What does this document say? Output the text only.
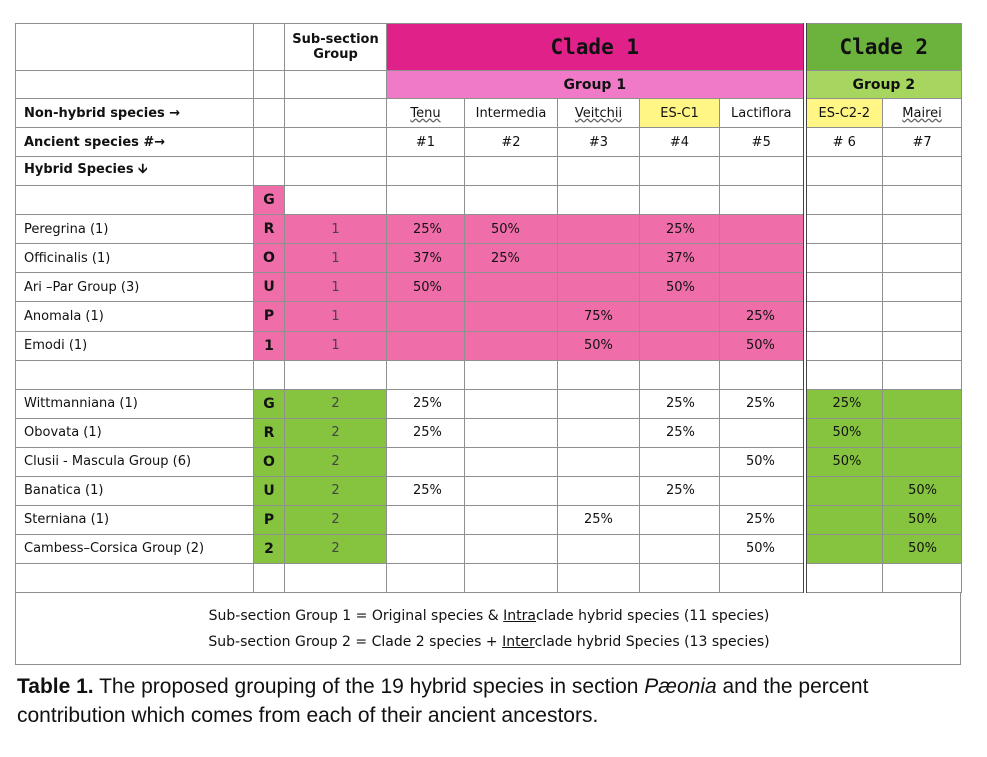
		Sub-section Group	Clade 1					Clade 2	
			Group 1					Group 2	
Non-hybrid species →			Tenu	Intermedia	Veitchii	ES-C1	Lactiflora	ES-C2-2	Mairei
Ancient species #→			#1	#2	#3	#4	#5	# 6	#7
Hybrid Species 🡫									
	G								
Peregrina (1)	R	1	25%	50%		25%			
Officinalis (1)	O	1	37%	25%		37%			
Ari –Par Group (3)	U	1	50%			50%			
Anomala (1)	P	1			75%		25%		
Emodi (1)	1	1			50%		50%		

Wittmanniana (1)	G	2	25%			25%	25%	25%	
Obovata (1)	R	2	25%			25%		50%	
Clusii - Mascula Group (6)	O	2					50%	50%	
Banatica (1)	U	2	25%			25%			50%
Sterniana (1)	P	2			25%		25%		50%
Cambess–Corsica Group (2)	2	2					50%		50%

Sub-section Group 1 = Original species & Intraclade hybrid species (11 species)
Sub-section Group 2 = Clade 2 species + Interclade hybrid Species (13 species)
Table 1. The proposed grouping of the 19 hybrid species in section Pæonia and the percent contribution which comes from each of their ancient ancestors.
